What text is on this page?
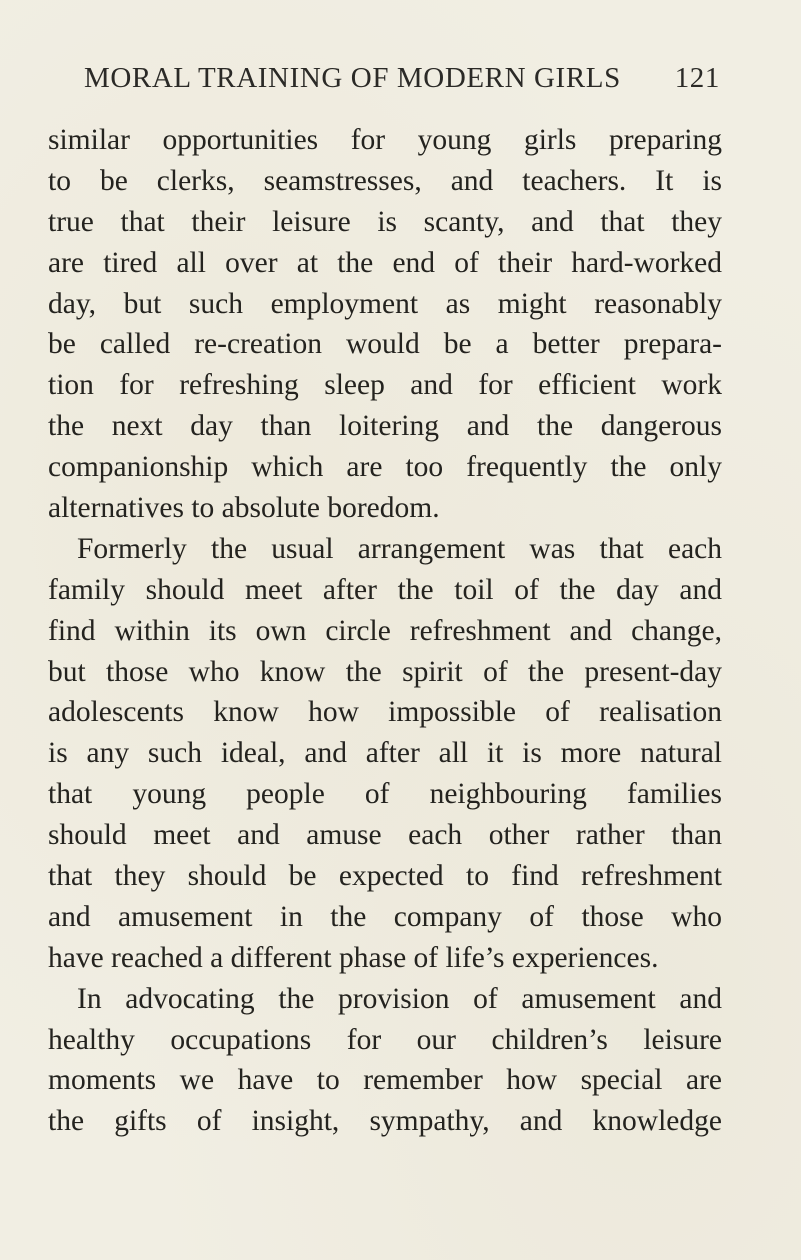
MORAL TRAINING OF MODERN GIRLS 121
similar opportunities for young girls preparing
to be clerks, seamstresses, and teachers. It is
true that their leisure is scanty, and that they
are tired all over at the end of their hard-worked
day, but such employment as might reasonably
be called re-creation would be a better prepara-
tion for refreshing sleep and for efficient work
the next day than loitering and the dangerous
companionship which are too frequently the only
alternatives to absolute boredom.
Formerly the usual arrangement was that each
family should meet after the toil of the day and
find within its own circle refreshment and change,
but those who know the spirit of the present-day
adolescents know how impossible of realisation
is any such ideal, and after all it is more natural
that young people of neighbouring families
should meet and amuse each other rather than
that they should be expected to find refreshment
and amusement in the company of those who
have reached a different phase of life’s experiences.
In advocating the provision of amusement and
healthy occupations for our children’s leisure
moments we have to remember how special are
the gifts of insight, sympathy, and knowledge
